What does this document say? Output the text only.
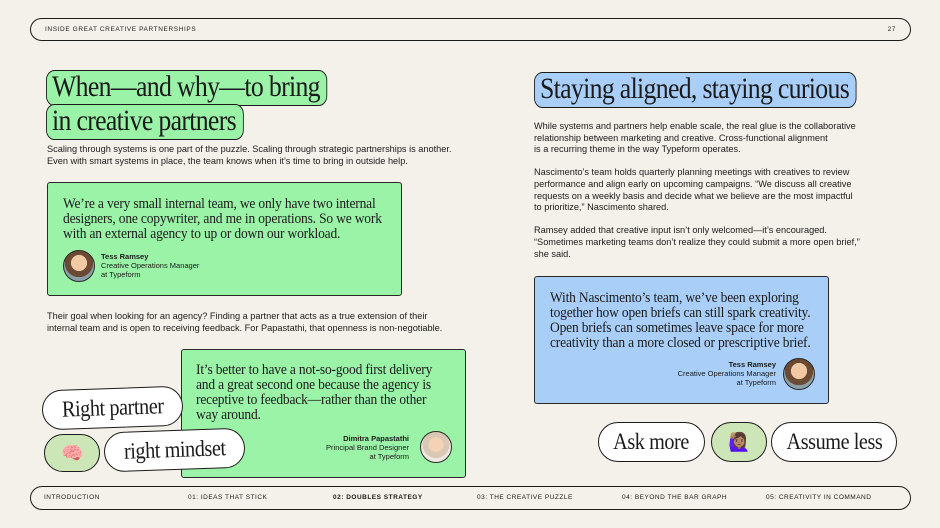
INSIDE GREAT CREATIVE PARTNERSHIPS	27
When—and why—to bring
in creative partners
Scaling through systems is one part of the puzzle. Scaling through strategic partnerships is another.
Even with smart systems in place, the team knows when it’s time to bring in outside help.
We’re a very small internal team, we only have two internal
designers, one copywriter, and me in operations. So we work
with an external agency to up or down our workload.
Tess Ramsey
Creative Operations Manager
at Typeform
Their goal when looking for an agency? Finding a partner that acts as a true extension of their
internal team and is open to receiving feedback. For Papastathi, that openness is non-negotiable.
It’s better to have a not-so-good first delivery
and a great second one because the agency is
receptive to feedback—rather than the other
way around.
Dimitra Papastathi
Principal Brand Designer
at Typeform
Right partner
🧠 right mindset
Staying aligned, staying curious

While systems and partners help enable scale, the real glue is the collaborative
relationship between marketing and creative. Cross-functional alignment
is a recurring theme in the way Typeform operates.

Nascimento’s team holds quarterly planning meetings with creatives to review
performance and align early on upcoming campaigns. “We discuss all creative
requests on a weekly basis and decide what we believe are the most impactful
to prioritize,” Nascimento shared.

Ramsey added that creative input isn’t only welcomed—it’s encouraged.
“Sometimes marketing teams don’t realize they could submit a more open brief,”
she said.

With Nascimento’s team, we’ve been exploring
together how open briefs can still spark creativity.
Open briefs can sometimes leave space for more
creativity than a more closed or prescriptive brief.
Tess Ramsey
Creative Operations Manager
at Typeform
Ask more 🙋🏽‍♀️ Assume less
INTRODUCTION	01: IDEAS THAT STICK	02: DOUBLES STRATEGY	03: THE CREATIVE PUZZLE	04: BEYOND THE BAR GRAPH	05: CREATIVITY IN COMMAND
